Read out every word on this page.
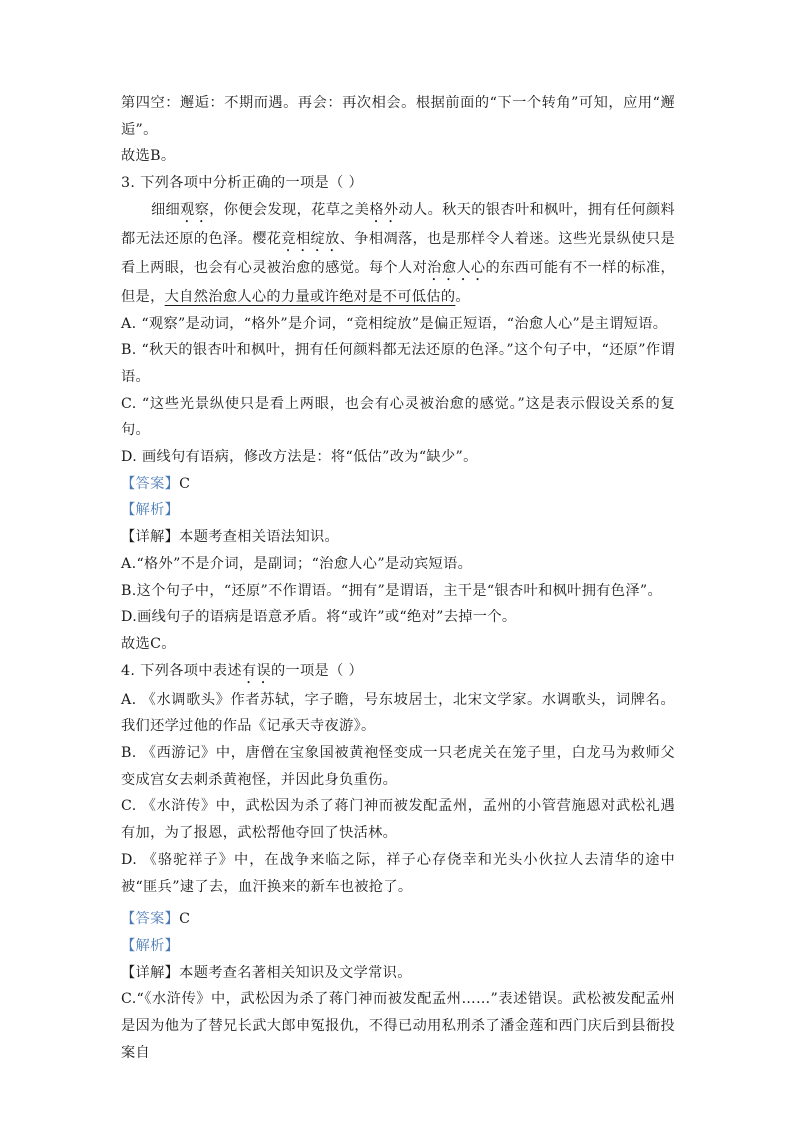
第四空：邂逅：不期而遇。再会：再次相会。根据前面的“下一个转角”可知，应用“邂逅”。
故选B。
3. 下列各项中分析正确的一项是（ ）
细细观察，你便会发现，花草之美格外动人。秋天的银杏叶和枫叶，拥有任何颜料都无法还原的色泽。樱花竞相绽放、争相凋落，也是那样令人着迷。这些光景纵使只是看上两眼，也会有心灵被治愈的感觉。每个人对治愈人心的东西可能有不一样的标准，但是，大自然治愈人心的力量或许绝对是不可低估的。
A. “观察”是动词，“格外”是介词，“竞相绽放”是偏正短语，“治愈人心”是主谓短语。
B. “秋天的银杏叶和枫叶，拥有任何颜料都无法还原的色泽。”这个句子中，“还原”作谓语。
C. “这些光景纵使只是看上两眼，也会有心灵被治愈的感觉。”这是表示假设关系的复句。
D. 画线句有语病，修改方法是：将“低估”改为“缺少”。
【答案】C
【解析】
【详解】本题考查相关语法知识。
A.“格外”不是介词，是副词；“治愈人心”是动宾短语。
B.这个句子中，“还原”不作谓语。“拥有”是谓语，主干是“银杏叶和枫叶拥有色泽”。
D.画线句子的语病是语意矛盾。将“或许”或“绝对”去掉一个。
故选C。
4. 下列各项中表述有误的一项是（ ）
A. 《水调歌头》作者苏轼，字子瞻，号东坡居士，北宋文学家。水调歌头，词牌名。我们还学过他的作品《记承天寺夜游》。
B. 《西游记》中，唐僧在宝象国被黄袍怪变成一只老虎关在笼子里，白龙马为救师父变成宫女去刺杀黄袍怪，并因此身负重伤。
C. 《水浒传》中，武松因为杀了蒋门神而被发配孟州，孟州的小管营施恩对武松礼遇有加，为了报恩，武松帮他夺回了快活林。
D. 《骆驼祥子》中，在战争来临之际，祥子心存侥幸和光头小伙拉人去清华的途中被“匪兵”逮了去，血汗换来的新车也被抢了。
【答案】C
【解析】
【详解】本题考查名著相关知识及文学常识。
C.“《水浒传》中，武松因为杀了蒋门神而被发配孟州……”表述错误。武松被发配孟州是因为他为了替兄长武大郎申冤报仇，不得已动用私刑杀了潘金莲和西门庆后到县衙投案自
